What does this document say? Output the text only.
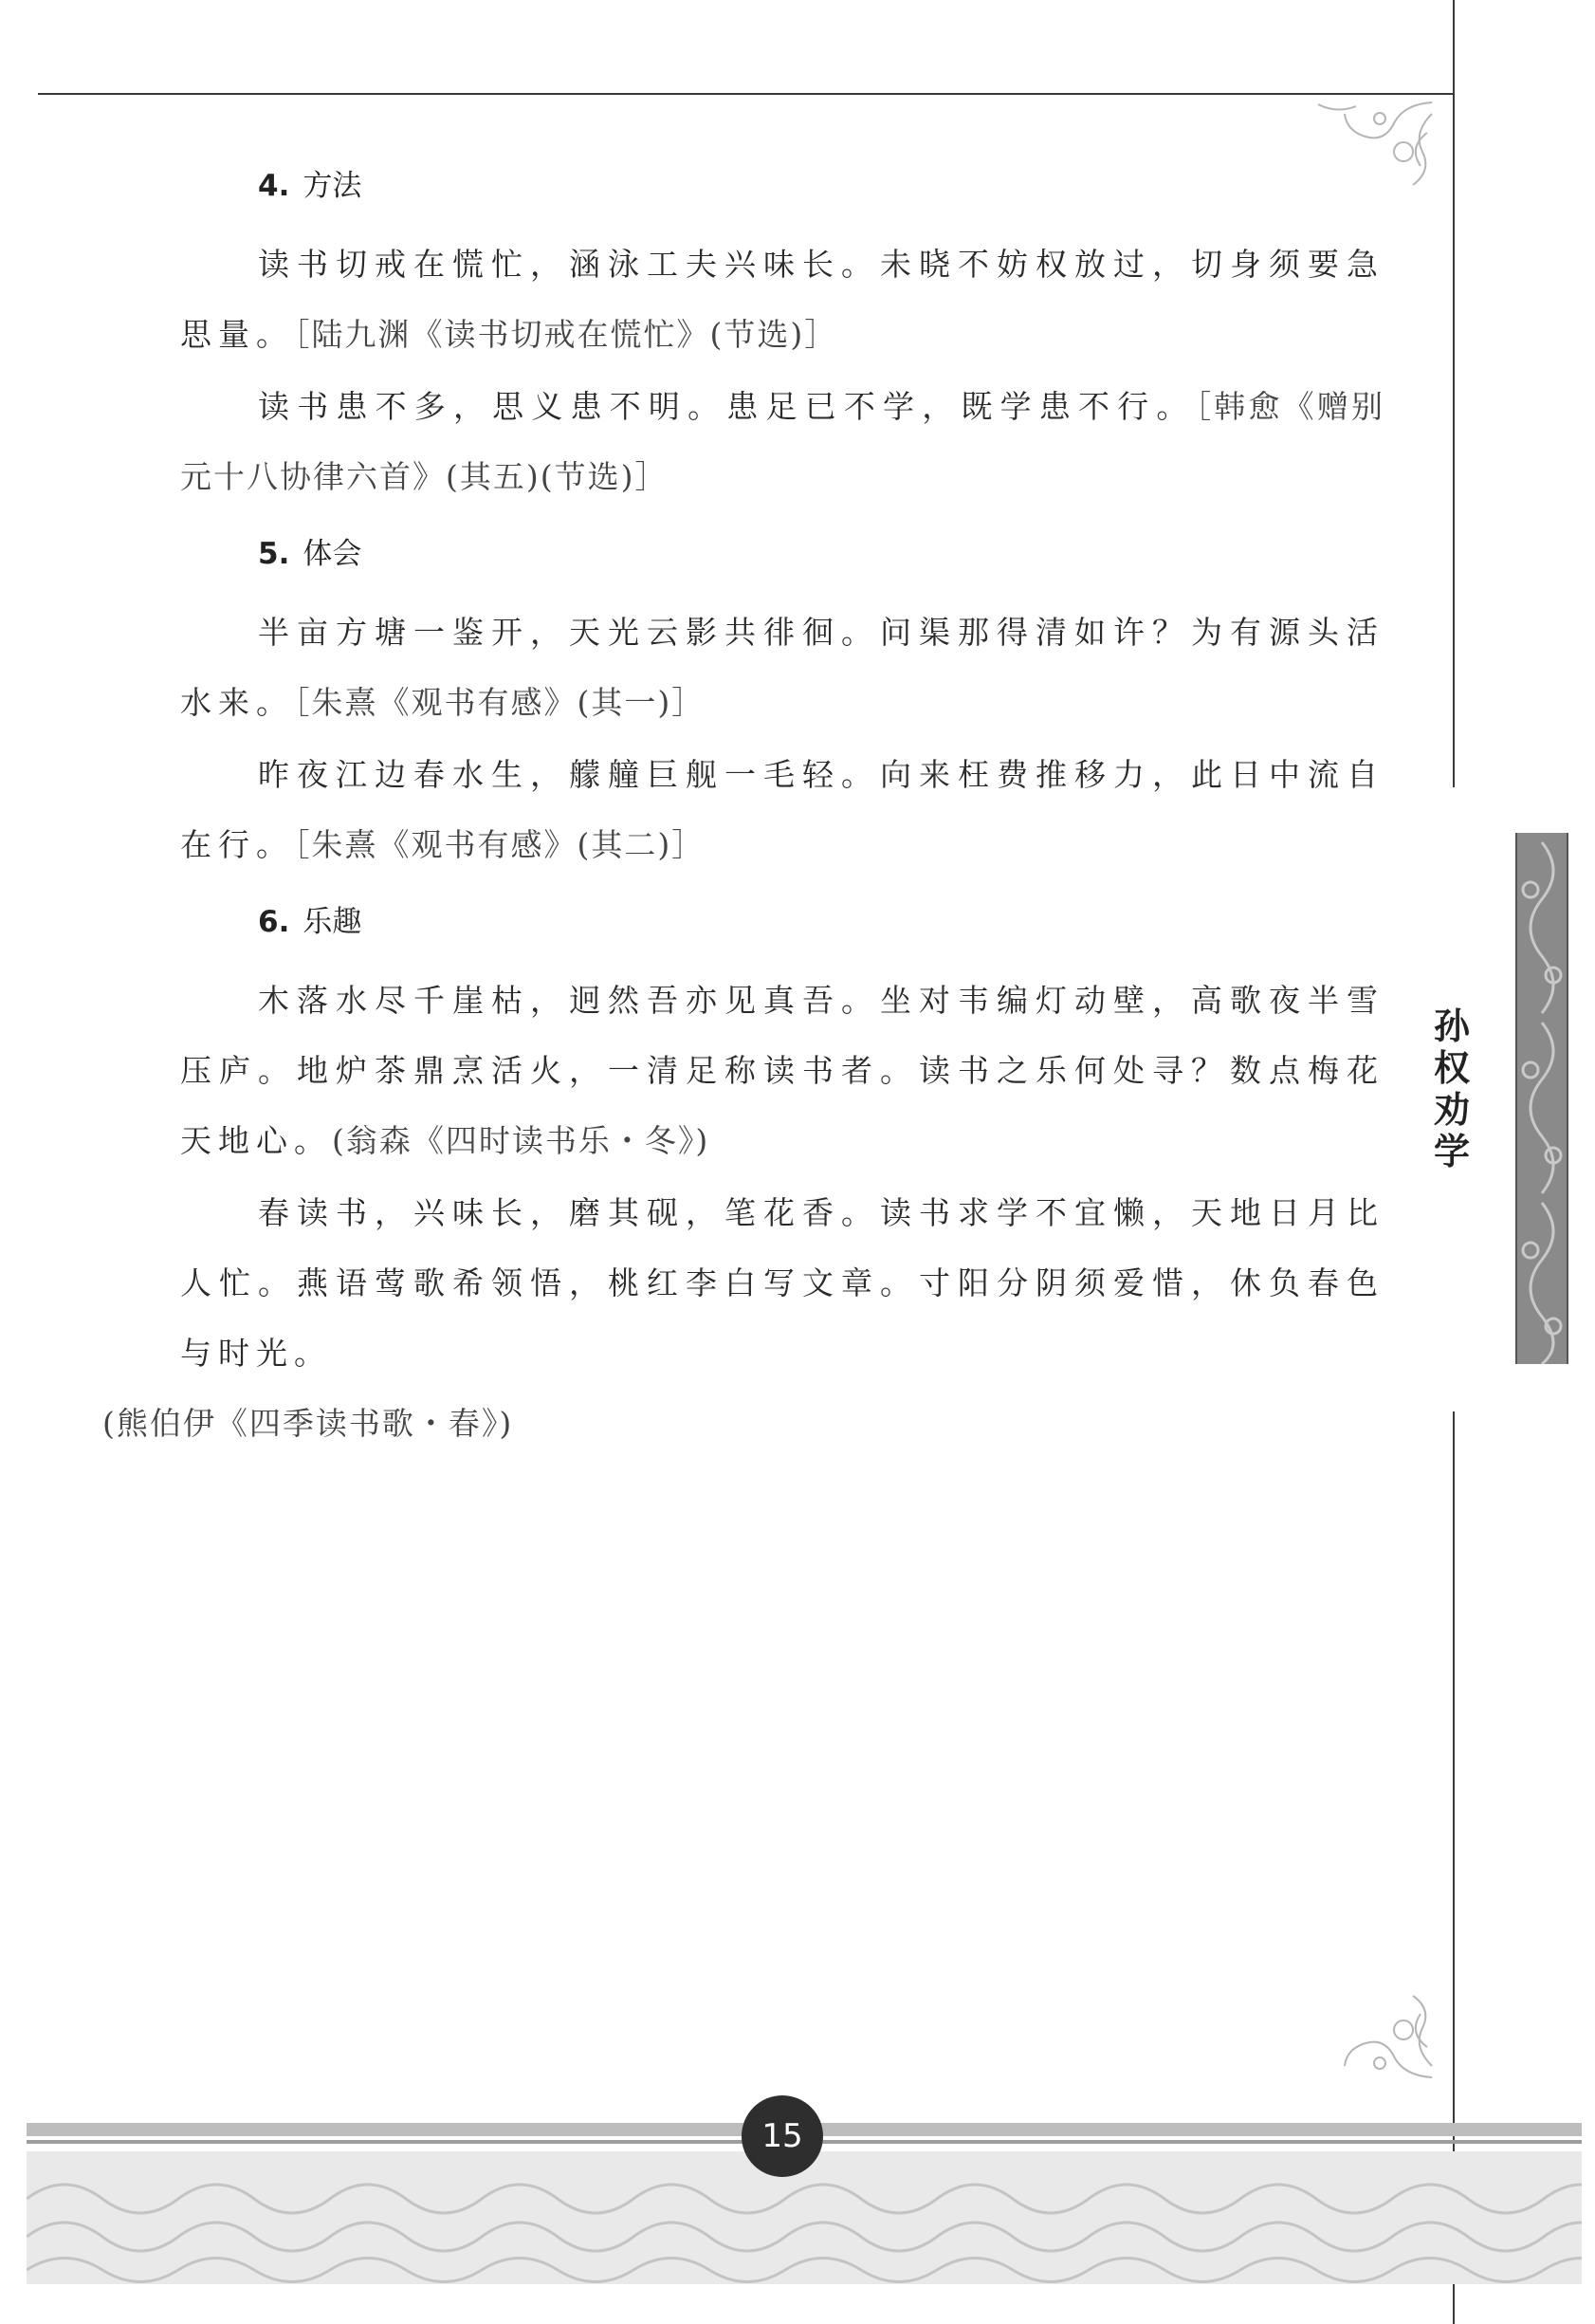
4. 方法

读书切戒在慌忙，涵泳工夫兴味长。未晓不妨权放过，切身须要急思量。［陆九渊《读书切戒在慌忙》(节选)］

读书患不多，思义患不明。患足已不学，既学患不行。［韩愈《赠别元十八协律六首》(其五)(节选)］

5. 体会

半亩方塘一鉴开，天光云影共徘徊。问渠那得清如许？为有源头活水来。［朱熹《观书有感》(其一)］

昨夜江边春水生，艨艟巨舰一毛轻。向来枉费推移力，此日中流自在行。［朱熹《观书有感》(其二)］

6. 乐趣

木落水尽千崖枯，迥然吾亦见真吾。坐对韦编灯动壁，高歌夜半雪压庐。地炉茶鼎烹活火，一清足称读书者。读书之乐何处寻？数点梅花天地心。(翁森《四时读书乐・冬》)

春读书，兴味长，磨其砚，笔花香。读书求学不宜懒，天地日月比人忙。燕语莺歌希领悟，桃红李白写文章。寸阳分阴须爱惜，休负春色与时光。
(熊伯伊《四季读书歌・春》)

孙权劝学
15
